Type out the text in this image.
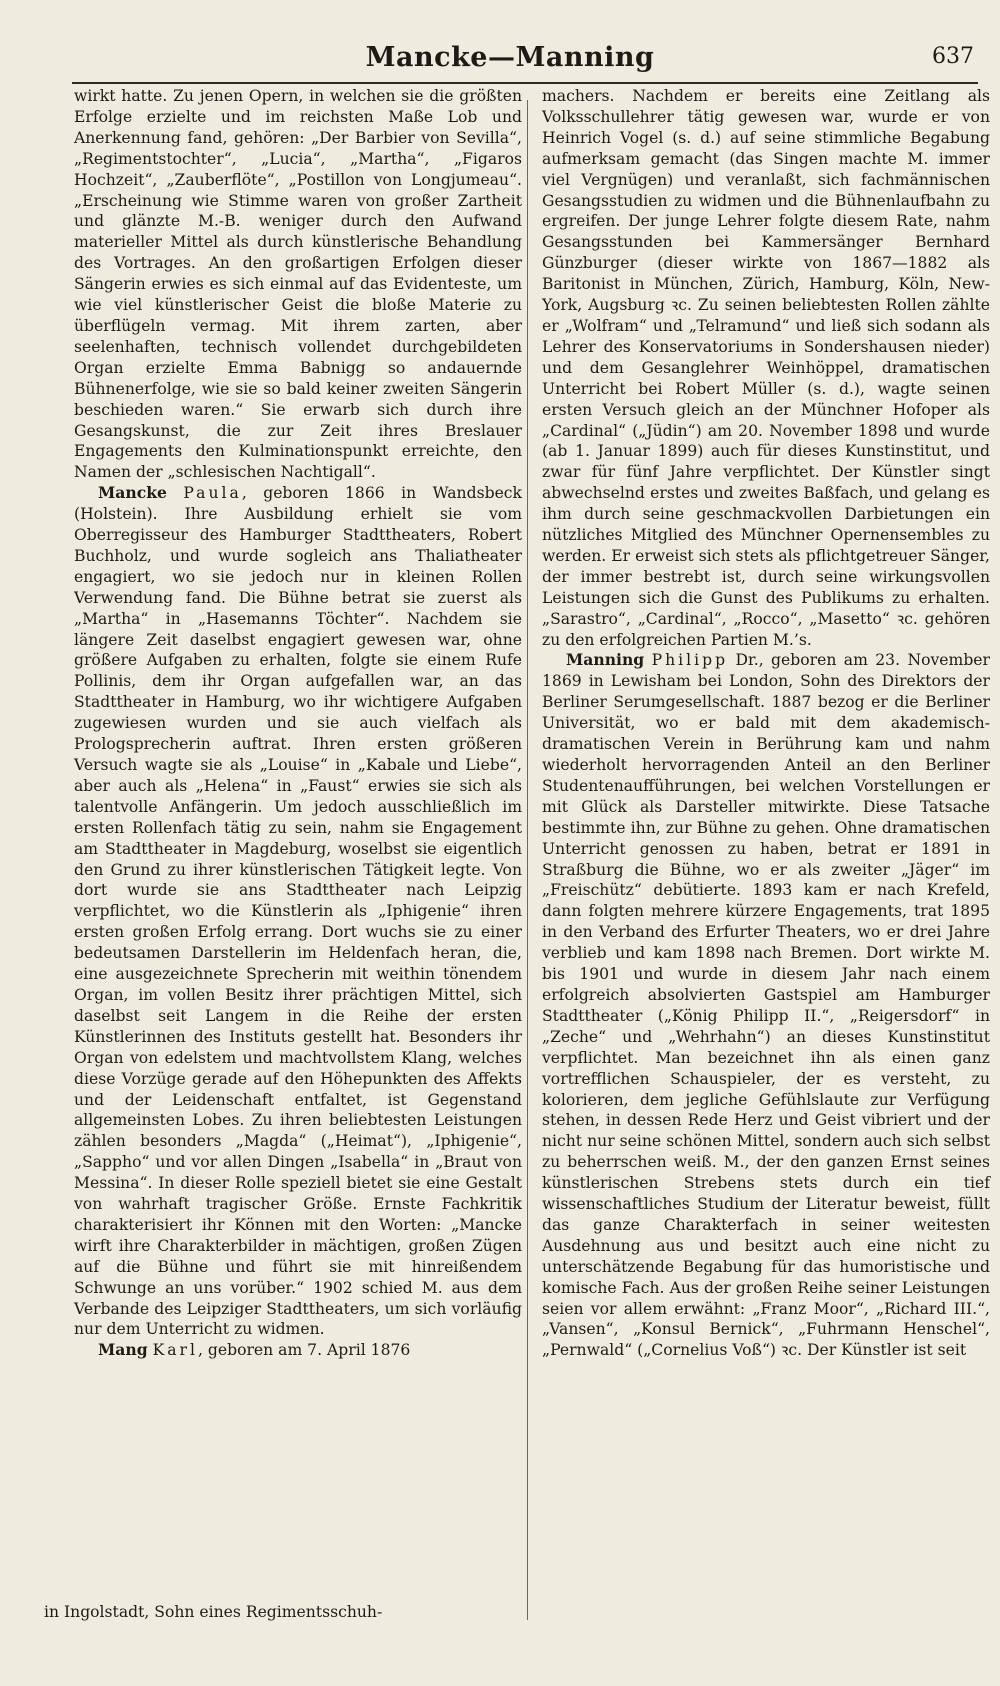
Mancke—Manning	637

wirkt hatte. Zu jenen Opern, in welchen sie die größten Erfolge erzielte und im reichsten Maße Lob und Anerkennung fand, gehören: „Der Barbier von Sevilla“, „Regimentstochter“, „Lucia“, „Martha“, „Figaros Hochzeit“, „Zauberflöte“, „Postillon von Longjumeau“. „Erscheinung wie Stimme waren von großer Zartheit und glänzte M.-B. weniger durch den Aufwand materieller Mittel als durch künstlerische Behandlung des Vortrages. An den großartigen Erfolgen dieser Sängerin erwies es sich einmal auf das Evidenteste, um wie viel künstlerischer Geist die bloße Materie zu überflügeln vermag. Mit ihrem zarten, aber seelenhaften, technisch vollendet durchgebildeten Organ erzielte Emma Babnigg so andauernde Bühnenerfolge, wie sie so bald keiner zweiten Sängerin beschieden waren.“ Sie erwarb sich durch ihre Gesangskunst, die zur Zeit ihres Breslauer Engagements den Kulminationspunkt erreichte, den Namen der „schlesischen Nachtigall“.

Mancke Paula, geboren 1866 in Wandsbeck (Holstein). Ihre Ausbildung erhielt sie vom Oberregisseur des Hamburger Stadttheaters, Robert Buchholz, und wurde sogleich ans Thaliatheater engagiert, wo sie jedoch nur in kleinen Rollen Verwendung fand. Die Bühne betrat sie zuerst als „Martha“ in „Hasemanns Töchter“. Nachdem sie längere Zeit daselbst engagiert gewesen war, ohne größere Aufgaben zu erhalten, folgte sie einem Rufe Pollinis, dem ihr Organ aufgefallen war, an das Stadttheater in Hamburg, wo ihr wichtigere Aufgaben zugewiesen wurden und sie auch vielfach als Prologsprecherin auftrat. Ihren ersten größeren Versuch wagte sie als „Louise“ in „Kabale und Liebe“, aber auch als „Helena“ in „Faust“ erwies sie sich als talentvolle Anfängerin. Um jedoch ausschließlich im ersten Rollenfach tätig zu sein, nahm sie Engagement am Stadttheater in Magdeburg, woselbst sie eigentlich den Grund zu ihrer künstlerischen Tätigkeit legte. Von dort wurde sie ans Stadttheater nach Leipzig verpflichtet, wo die Künstlerin als „Iphigenie“ ihren ersten großen Erfolg errang. Dort wuchs sie zu einer bedeutsamen Darstellerin im Heldenfach heran, die, eine ausgezeichnete Sprecherin mit weithin tönendem Organ, im vollen Besitz ihrer prächtigen Mittel, sich daselbst seit Langem in die Reihe der ersten Künstlerinnen des Instituts gestellt hat. Besonders ihr Organ von edelstem und machtvollstem Klang, welches diese Vorzüge gerade auf den Höhepunkten des Affekts und der Leidenschaft entfaltet, ist Gegenstand allgemeinsten Lobes. Zu ihren beliebtesten Leistungen zählen besonders „Magda“ („Heimat“), „Iphigenie“, „Sappho“ und vor allen Dingen „Isabella“ in „Braut von Messina“. In dieser Rolle speziell bietet sie eine Gestalt von wahrhaft tragischer Größe. Ernste Fachkritik charakterisiert ihr Können mit den Worten: „Mancke wirft ihre Charakterbilder in mächtigen, großen Zügen auf die Bühne und führt sie mit hinreißendem Schwunge an uns vorüber.“ 1902 schied M. aus dem Verbande des Leipziger Stadttheaters, um sich vorläufig nur dem Unterricht zu widmen.

Mang Karl, geboren am 7. April 1876

in Ingolstadt, Sohn eines Regimentsschuh-

machers. Nachdem er bereits eine Zeitlang als Volksschullehrer tätig gewesen war, wurde er von Heinrich Vogel (s. d.) auf seine stimmliche Begabung aufmerksam gemacht (das Singen machte M. immer viel Vergnügen) und veranlaßt, sich fachmännischen Gesangsstudien zu widmen und die Bühnenlaufbahn zu ergreifen. Der junge Lehrer folgte diesem Rate, nahm Gesangsstunden bei Kammersänger Bernhard Günzburger (dieser wirkte von 1867—1882 als Baritonist in München, Zürich, Hamburg, Köln, New-York, Augsburg ꝛc. Zu seinen beliebtesten Rollen zählte er „Wolfram“ und „Telramund“ und ließ sich sodann als Lehrer des Konservatoriums in Sondershausen nieder) und dem Gesanglehrer Weinhöppel, dramatischen Unterricht bei Robert Müller (s. d.), wagte seinen ersten Versuch gleich an der Münchner Hofoper als „Cardinal“ („Jüdin“) am 20. November 1898 und wurde (ab 1. Januar 1899) auch für dieses Kunstinstitut, und zwar für fünf Jahre verpflichtet. Der Künstler singt abwechselnd erstes und zweites Baßfach, und gelang es ihm durch seine geschmackvollen Darbietungen ein nützliches Mitglied des Münchner Opernensembles zu werden. Er erweist sich stets als pflichtgetreuer Sänger, der immer bestrebt ist, durch seine wirkungsvollen Leistungen sich die Gunst des Publikums zu erhalten. „Sarastro“, „Cardinal“, „Rocco“, „Masetto“ ꝛc. gehören zu den erfolgreichen Partien M.’s.

Manning Philipp Dr., geboren am 23. November 1869 in Lewisham bei London, Sohn des Direktors der Berliner Serumgesellschaft. 1887 bezog er die Berliner Universität, wo er bald mit dem akademisch-dramatischen Verein in Berührung kam und nahm wiederholt hervorragenden Anteil an den Berliner Studentenaufführungen, bei welchen Vorstellungen er mit Glück als Darsteller mitwirkte. Diese Tatsache bestimmte ihn, zur Bühne zu gehen. Ohne dramatischen Unterricht genossen zu haben, betrat er 1891 in Straßburg die Bühne, wo er als zweiter „Jäger“ im „Freischütz“ debütierte. 1893 kam er nach Krefeld, dann folgten mehrere kürzere Engagements, trat 1895 in den Verband des Erfurter Theaters, wo er drei Jahre verblieb und kam 1898 nach Bremen. Dort wirkte M. bis 1901 und wurde in diesem Jahr nach einem erfolgreich absolvierten Gastspiel am Hamburger Stadttheater („König Philipp II.“, „Reigersdorf“ in „Zeche“ und „Wehrhahn“) an dieses Kunstinstitut verpflichtet. Man bezeichnet ihn als einen ganz vortrefflichen Schauspieler, der es versteht, zu kolorieren, dem jegliche Gefühlslaute zur Verfügung stehen, in dessen Rede Herz und Geist vibriert und der nicht nur seine schönen Mittel, sondern auch sich selbst zu beherrschen weiß. M., der den ganzen Ernst seines künstlerischen Strebens stets durch ein tief wissenschaftliches Studium der Literatur beweist, füllt das ganze Charakterfach in seiner weitesten Ausdehnung aus und besitzt auch eine nicht zu unterschätzende Begabung für das humoristische und komische Fach. Aus der großen Reihe seiner Leistungen seien vor allem erwähnt: „Franz Moor“, „Richard III.“, „Vansen“, „Konsul Bernick“, „Fuhrmann Henschel“, „Pernwald“ („Cornelius Voß“) ꝛc. Der Künstler ist seit
